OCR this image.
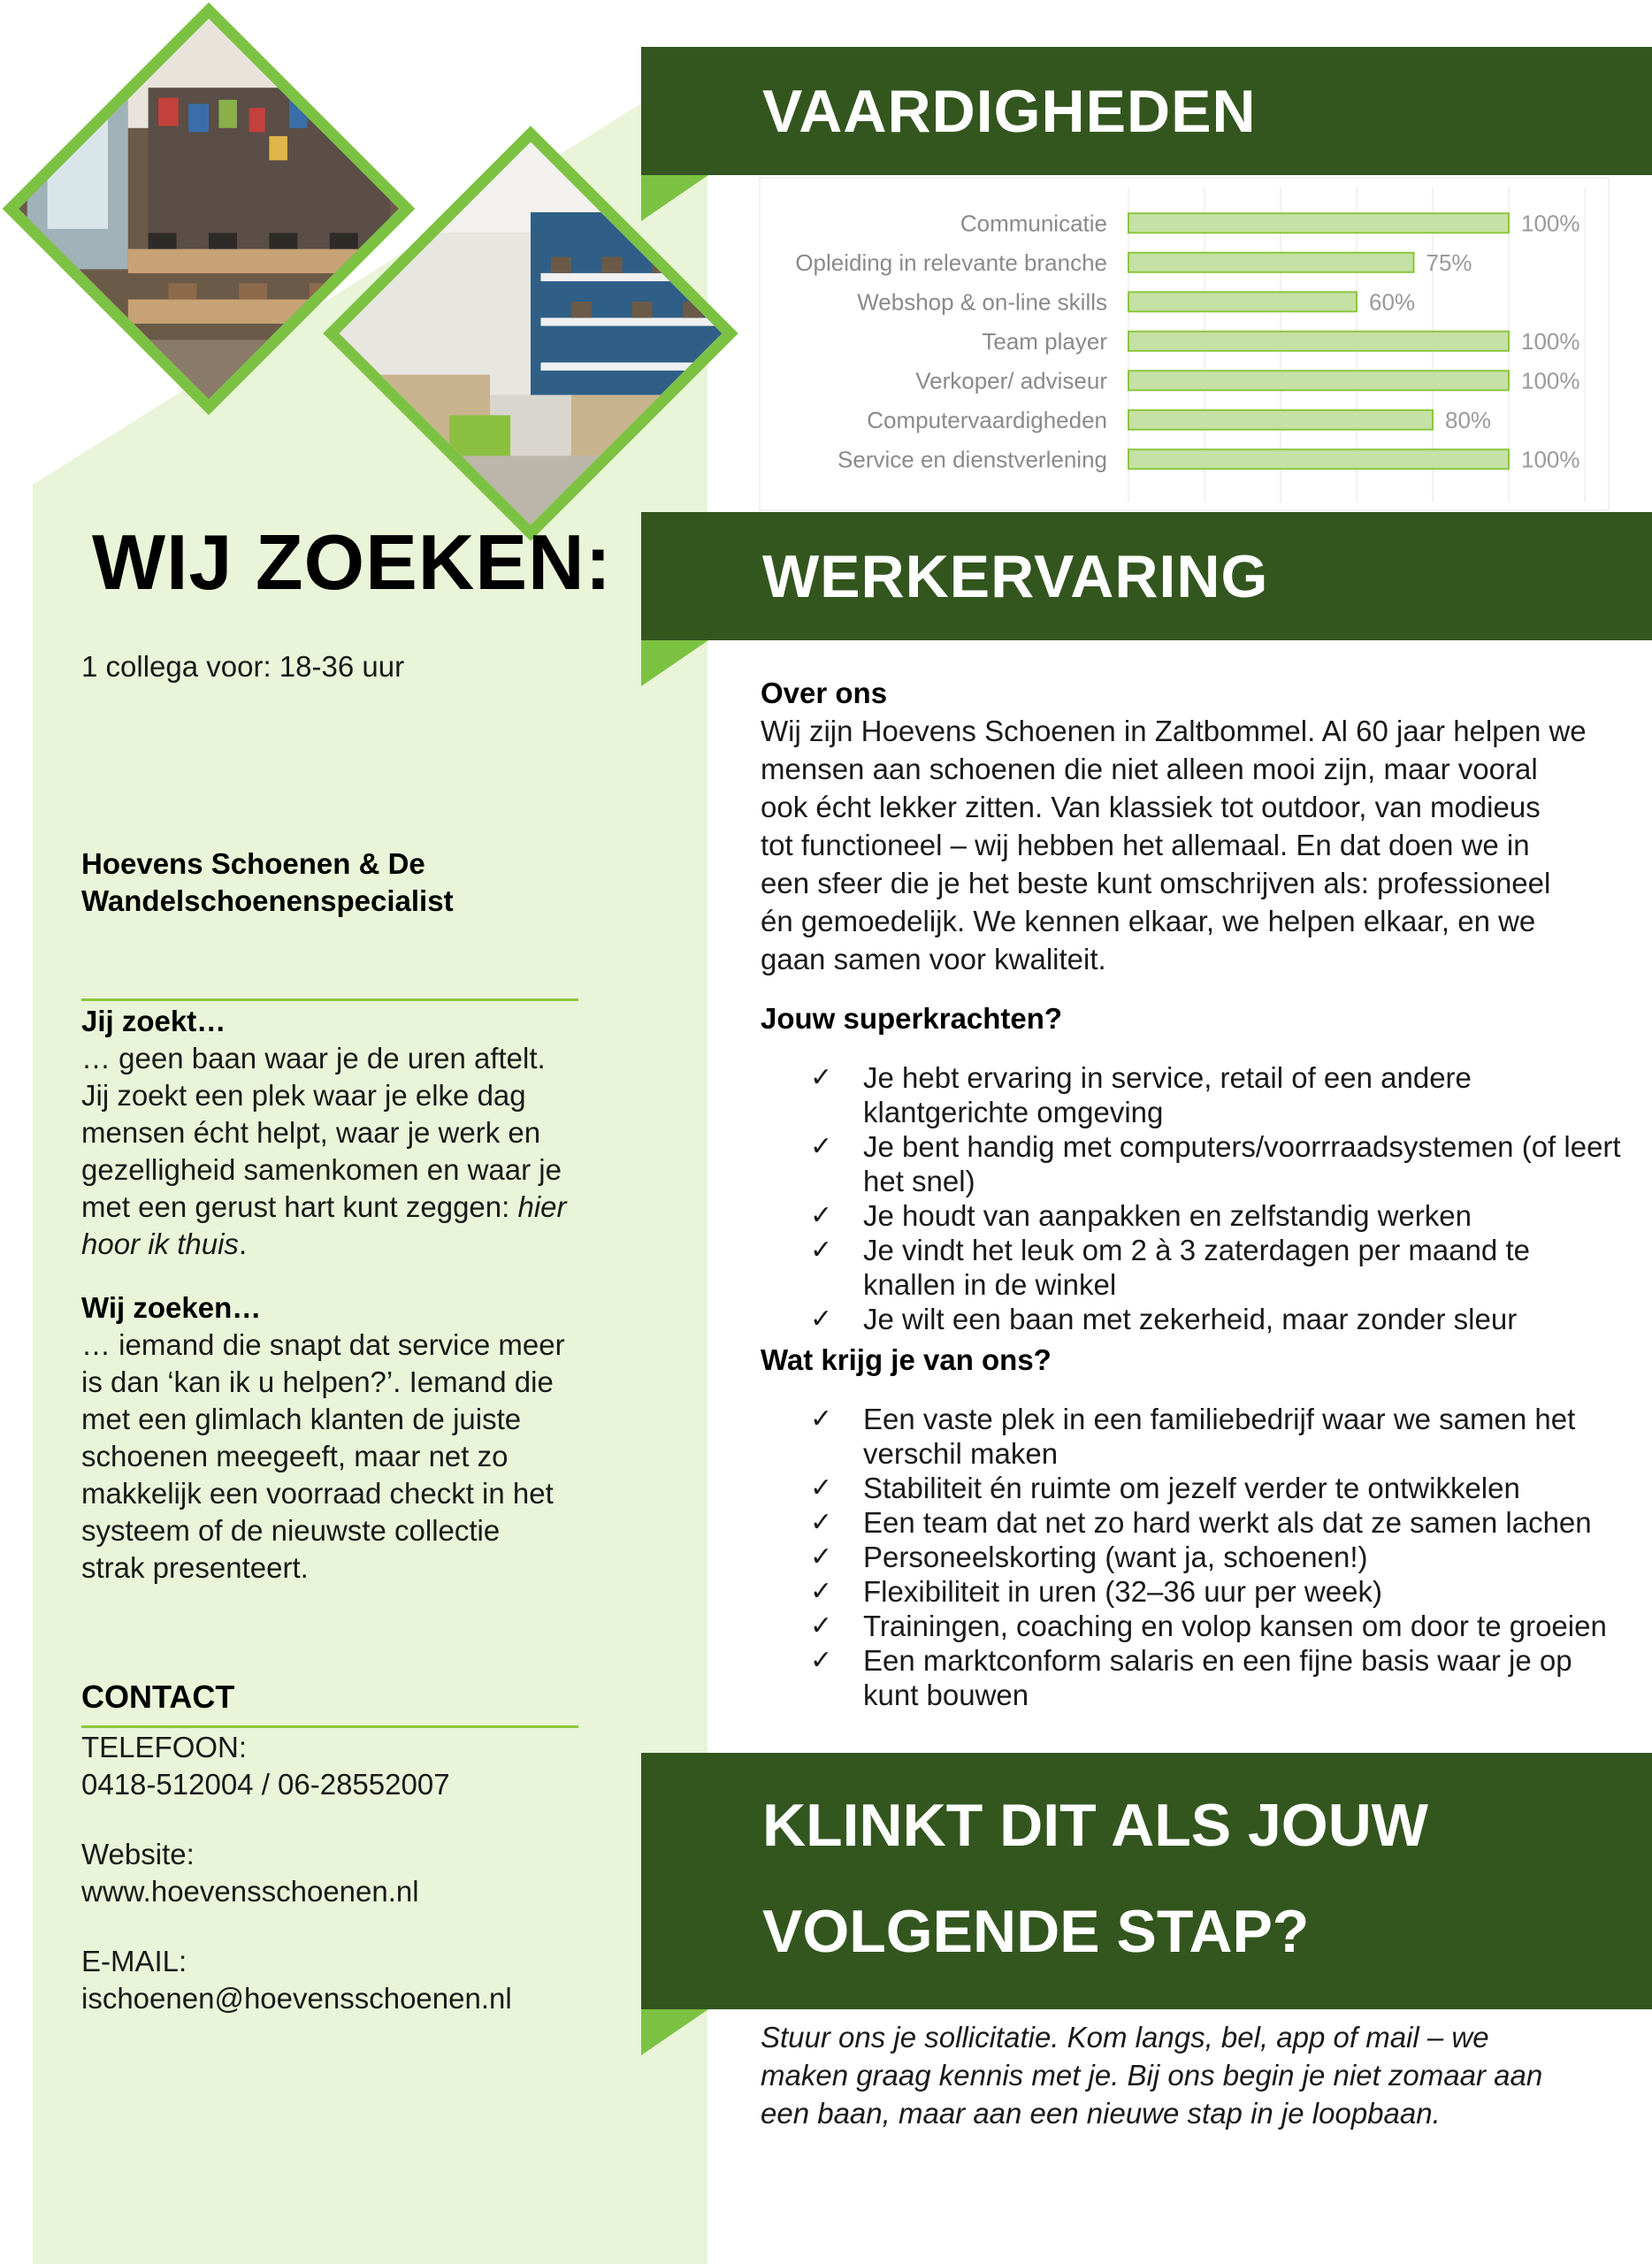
VAARDIGHEDEN
Communicatie	100%
Opleiding in relevante branche	75%
Webshop & on-line skills	60%
Team player	100%
Verkoper/ adviseur	100%
Computervaardigheden	80%
Service en dienstverlening	100%
WERKERVARING
WIJ ZOEKEN:
1 collega voor: 18-36 uur
Hoevens Schoenen & De
Wandelschoenenspecialist
Jij zoekt…
… geen baan waar je de uren aftelt.
Jij zoekt een plek waar je elke dag
mensen écht helpt, waar je werk en
gezelligheid samenkomen en waar je
met een gerust hart kunt zeggen: hier
hoor ik thuis.
Wij zoeken…
… iemand die snapt dat service meer
is dan ‘kan ik u helpen?’. Iemand die
met een glimlach klanten de juiste
schoenen meegeeft, maar net zo
makkelijk een voorraad checkt in het
systeem of de nieuwste collectie
strak presenteert.
CONTACT
TELEFOON:
0418-512004 / 06-28552007
Website:
www.hoevensschoenen.nl
E-MAIL:
ischoenen@hoevensschoenen.nl
Over ons
Wij zijn Hoevens Schoenen in Zaltbommel. Al 60 jaar helpen we
mensen aan schoenen die niet alleen mooi zijn, maar vooral
ook écht lekker zitten. Van klassiek tot outdoor, van modieus
tot functioneel – wij hebben het allemaal. En dat doen we in
een sfeer die je het beste kunt omschrijven als: professioneel
én gemoedelijk. We kennen elkaar, we helpen elkaar, en we
gaan samen voor kwaliteit.
Jouw superkrachten?
✓ Je hebt ervaring in service, retail of een andere
klantgerichte omgeving
✓ Je bent handig met computers/voorrraadsystemen (of leert
het snel)
✓ Je houdt van aanpakken en zelfstandig werken
✓ Je vindt het leuk om 2 à 3 zaterdagen per maand te
knallen in de winkel
✓ Je wilt een baan met zekerheid, maar zonder sleur
Wat krijg je van ons?
✓ Een vaste plek in een familiebedrijf waar we samen het
verschil maken
✓ Stabiliteit én ruimte om jezelf verder te ontwikkelen
✓ Een team dat net zo hard werkt als dat ze samen lachen
✓ Personeelskorting (want ja, schoenen!)
✓ Flexibiliteit in uren (32–36 uur per week)
✓ Trainingen, coaching en volop kansen om door te groeien
✓ Een marktconform salaris en een fijne basis waar je op
kunt bouwen
KLINKT DIT ALS JOUW
VOLGENDE STAP?
Stuur ons je sollicitatie. Kom langs, bel, app of mail – we
maken graag kennis met je. Bij ons begin je niet zomaar aan
een baan, maar aan een nieuwe stap in je loopbaan.
